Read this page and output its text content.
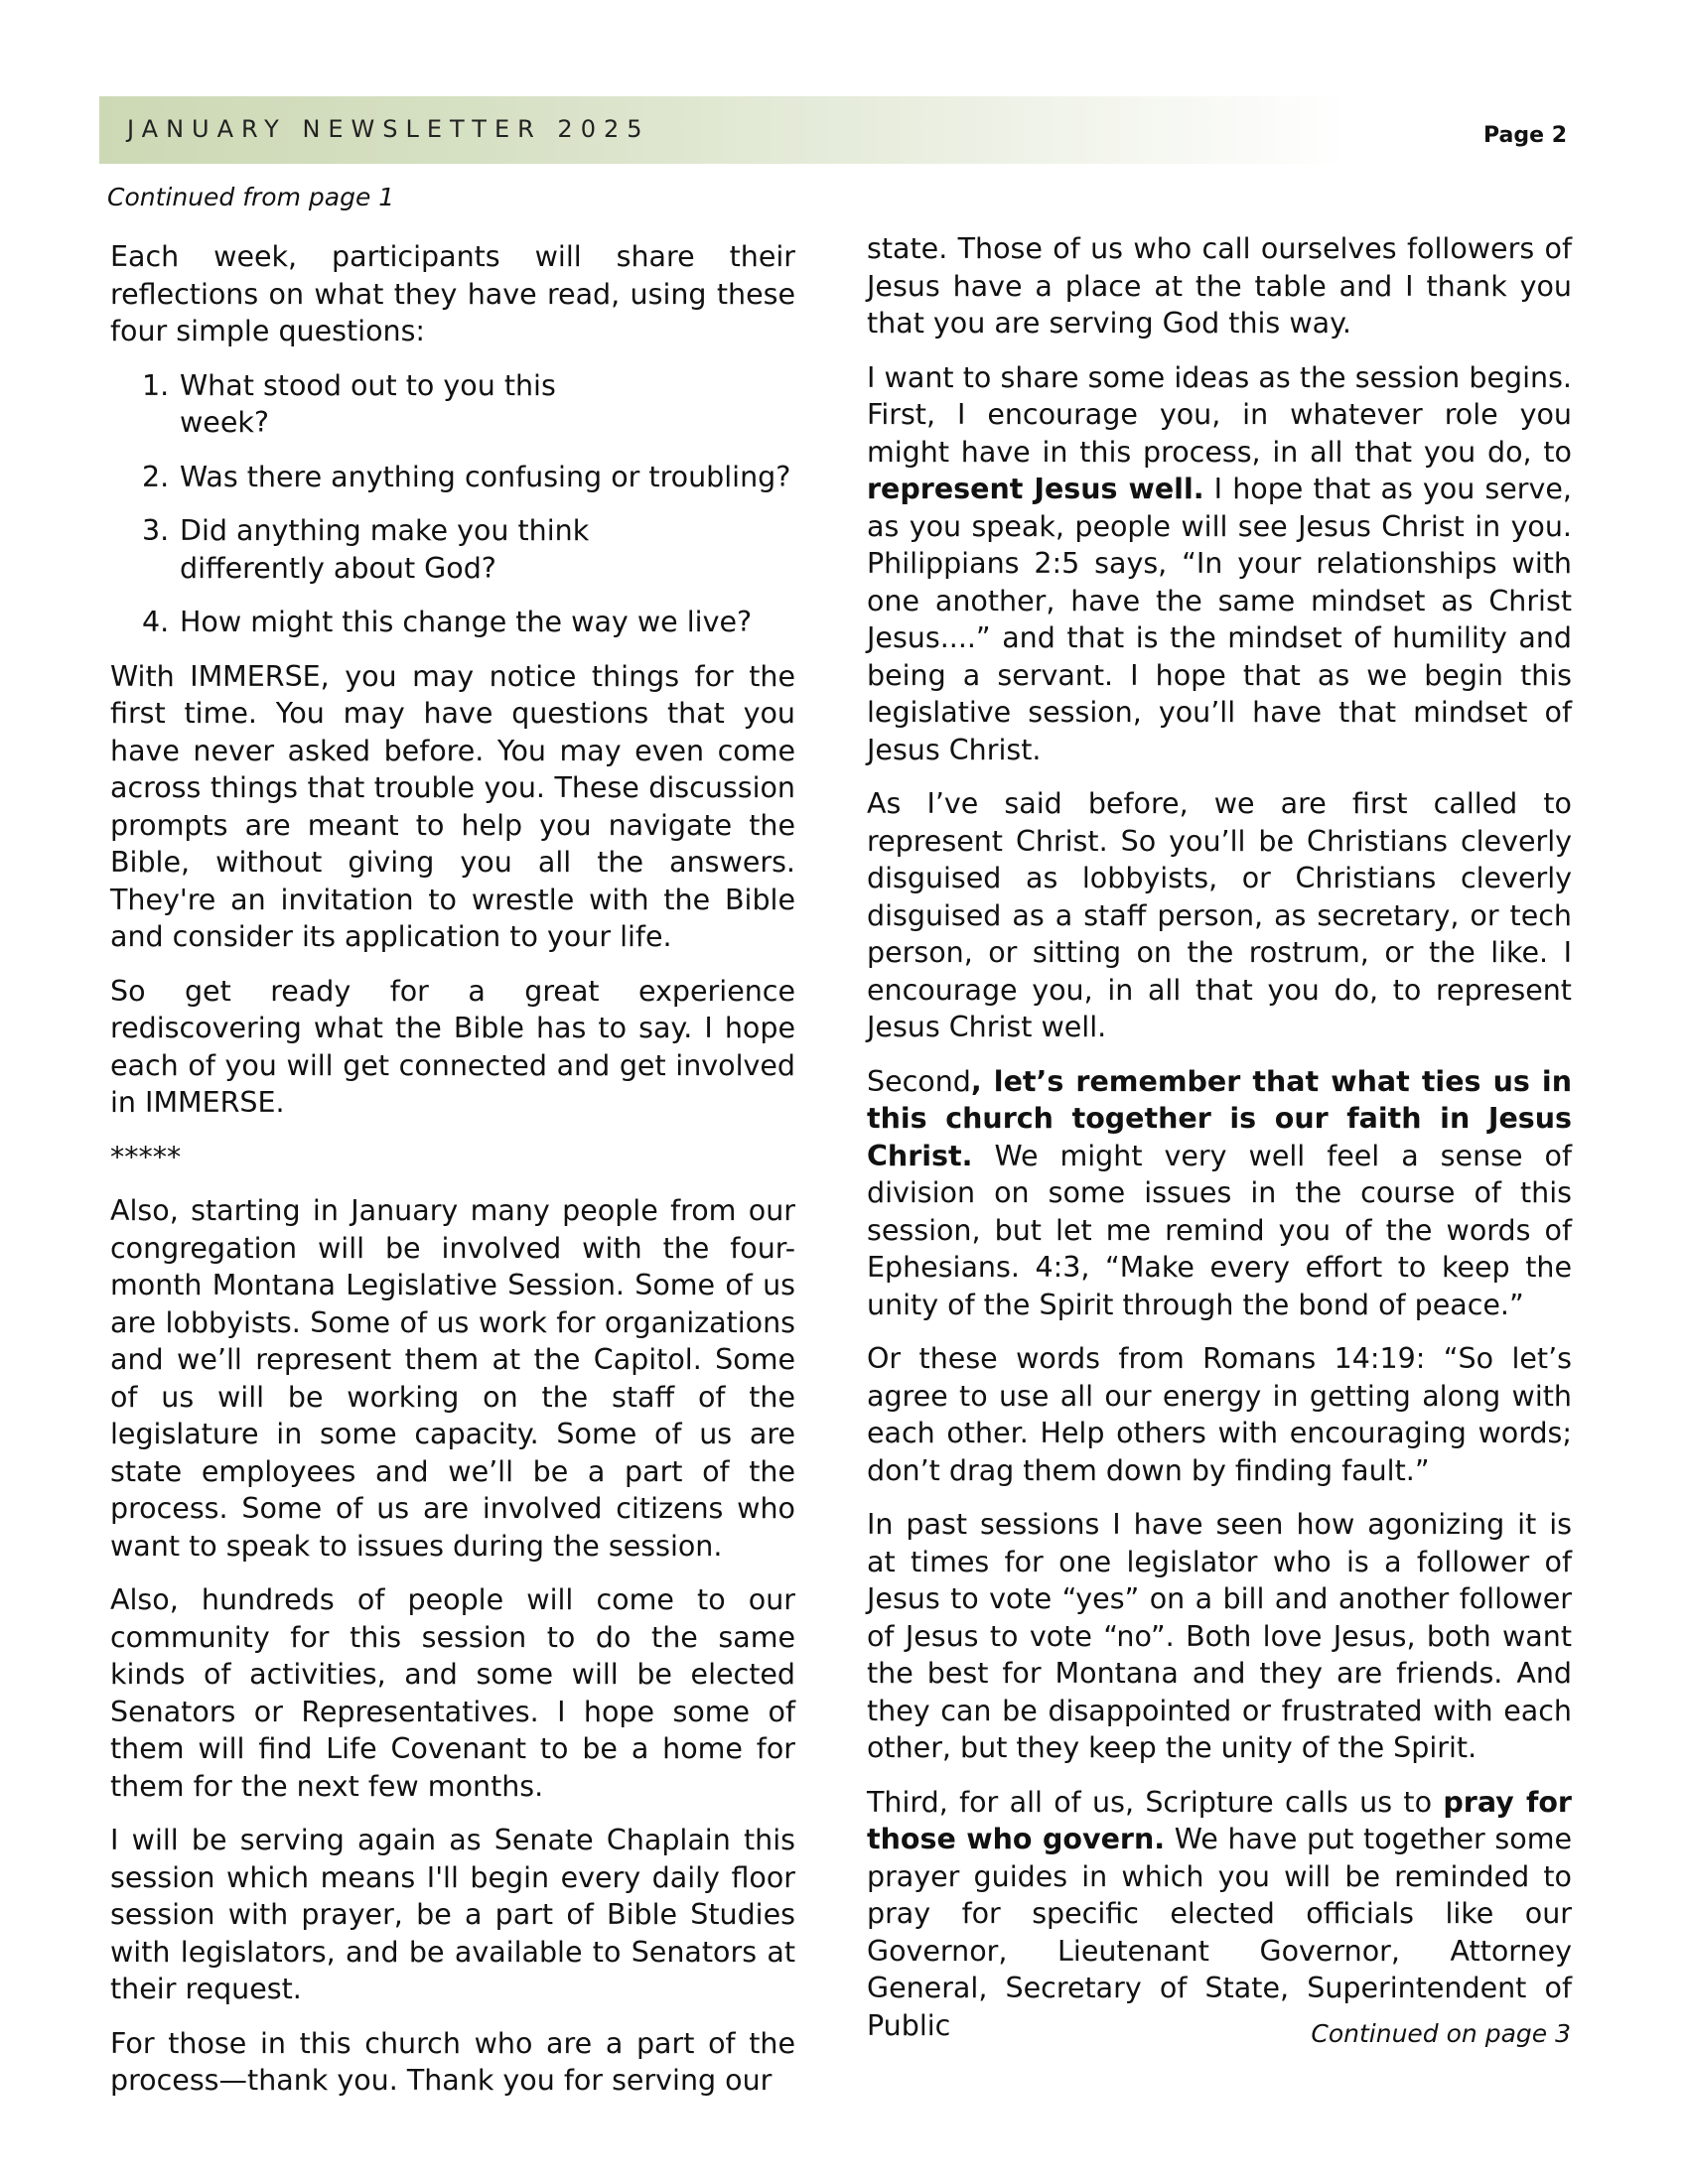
JANUARY NEWSLETTER 2025	Page 2
Continued from page 1

Each week, participants will share their reflections on what they have read, using these four simple questions:

1. What stood out to you this week?
2. Was there anything confusing or troubling?
3. Did anything make you think differently about God?
4. How might this change the way we live?

With IMMERSE, you may notice things for the first time. You may have questions that you have never asked before. You may even come across things that trouble you. These discussion prompts are meant to help you navigate the Bible, without giving you all the answers. They're an invitation to wrestle with the Bible and consider its application to your life.

So get ready for a great experience rediscovering what the Bible has to say. I hope each of you will get connected and get involved in IMMERSE.

*****

Also, starting in January many people from our congregation will be involved with the four-month Montana Legislative Session. Some of us are lobbyists. Some of us work for organizations and we’ll represent them at the Capitol. Some of us will be working on the staff of the legislature in some capacity. Some of us are state employees and we’ll be a part of the process. Some of us are involved citizens who want to speak to issues during the session.

Also, hundreds of people will come to our community for this session to do the same kinds of activities, and some will be elected Senators or Representatives. I hope some of them will find Life Covenant to be a home for them for the next few months.

I will be serving again as Senate Chaplain this session which means I'll begin every daily floor session with prayer, be a part of Bible Studies with legislators, and be available to Senators at their request.

For those in this church who are a part of the process—thank you. Thank you for serving our

state. Those of us who call ourselves followers of Jesus have a place at the table and I thank you that you are serving God this way.

I want to share some ideas as the session begins. First, I encourage you, in whatever role you might have in this process, in all that you do, to represent Jesus well. I hope that as you serve, as you speak, people will see Jesus Christ in you. Philippians 2:5 says, “In your relationships with one another, have the same mindset as Christ Jesus....” and that is the mindset of humility and being a servant. I hope that as we begin this legislative session, you’ll have that mindset of Jesus Christ.

As I’ve said before, we are first called to represent Christ. So you’ll be Christians cleverly disguised as lobbyists, or Christians cleverly disguised as a staff person, as secretary, or tech person, or sitting on the rostrum, or the like. I encourage you, in all that you do, to represent Jesus Christ well.

Second, let’s remember that what ties us in this church together is our faith in Jesus Christ. We might very well feel a sense of division on some issues in the course of this session, but let me remind you of the words of Ephesians. 4:3, “Make every effort to keep the unity of the Spirit through the bond of peace.”

Or these words from Romans 14:19: “So let’s agree to use all our energy in getting along with each other. Help others with encouraging words; don’t drag them down by finding fault.”

In past sessions I have seen how agonizing it is at times for one legislator who is a follower of Jesus to vote “yes” on a bill and another follower of Jesus to vote “no”. Both love Jesus, both want the best for Montana and they are friends. And they can be disappointed or frustrated with each other, but they keep the unity of the Spirit.

Third, for all of us, Scripture calls us to pray for those who govern. We have put together some prayer guides in which you will be reminded to pray for specific elected officials like our Governor, Lieutenant Governor, Attorney General, Secretary of State, Superintendent of Public	Continued on page 3
